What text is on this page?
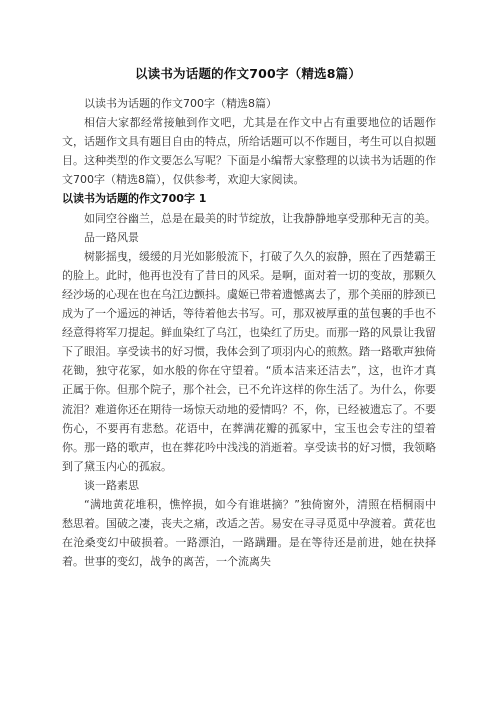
以读书为话题的作文700字（精选8篇）

以读书为话题的作文700字（精选8篇）

相信大家都经常接触到作文吧，尤其是在作文中占有重要地位的话题作文，话题作文具有题目自由的特点，所给话题可以不作题目，考生可以自拟题目。这种类型的作文要怎么写呢？下面是小编帮大家整理的以读书为话题的作文700字（精选8篇），仅供参考，欢迎大家阅读。

以读书为话题的作文700字 1

如同空谷幽兰，总是在最美的时节绽放，让我静静地享受那种无言的美。

品一路风景

树影摇曳，缓缓的月光如影般流下，打破了久久的寂静，照在了西楚霸王的脸上。此时，他再也没有了昔日的风采。是啊，面对着一切的变故，那颗久经沙场的心现在也在乌江边颤抖。虞姬已带着遗憾离去了，那个美丽的脖颈已成为了一个遥远的神话，等待着他去书写。可，那双被厚重的茧包裹的手也不经意得将军刀提起。鲜血染红了乌江，也染红了历史。而那一路的风景让我留下了眼泪。享受读书的好习惯，我体会到了项羽内心的煎熬。踏一路歌声独倚花锄，独守花冢，如水般的你在守望着。“质本洁来还洁去”，这，也许才真正属于你。但那个院子，那个社会，已不允许这样的你生活了。为什么，你要流泪？难道你还在期待一场惊天动地的爱情吗？不，你，已经被遗忘了。不要伤心，不要再有悲愁。花语中，在葬满花瓣的孤冢中，宝玉也会专注的望着你。那一路的歌声，也在葬花吟中浅浅的消逝着。享受读书的好习惯，我领略到了黛玉内心的孤寂。

谈一路素思

“满地黄花堆积，憔悴损，如今有谁堪摘？”独倚窗外，清照在梧桐雨中愁思着。国破之凄，丧夫之痛，改适之苦。易安在寻寻觅觅中孕渡着。黄花也在沧桑变幻中破损着。一路漂泊，一路蹒跚。是在等待还是前进，她在抉择着。世事的变幻，战争的离苦，一个流离失
